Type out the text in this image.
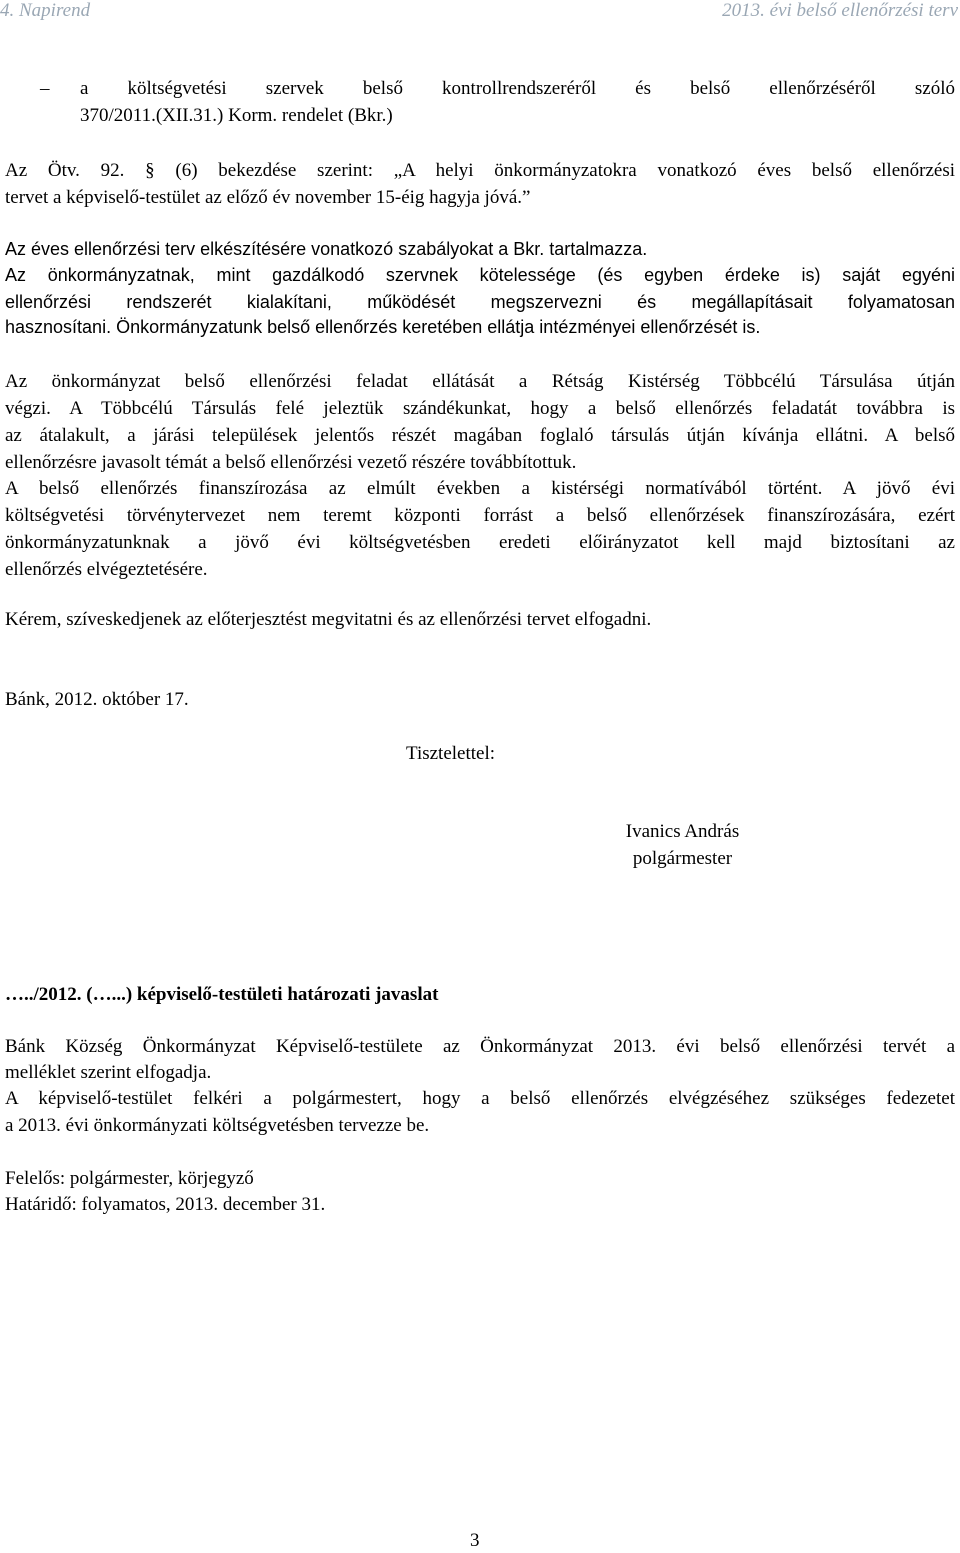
4. Napirend	2013. évi belső ellenőrzési terv
– a költségvetési szervek belső kontrollrendszeréről és belső ellenőrzéséről szóló
370/2011.(XII.31.) Korm. rendelet (Bkr.)
Az Ötv. 92. § (6) bekezdése szerint: „A helyi önkormányzatokra vonatkozó éves belső ellenőrzési
tervet a képviselő-testület az előző év november 15-éig hagyja jóvá.”
Az éves ellenőrzési terv elkészítésére vonatkozó szabályokat a Bkr. tartalmazza.
Az önkormányzatnak, mint gazdálkodó szervnek kötelessége (és egyben érdeke is) saját egyéni
ellenőrzési rendszerét kialakítani, működését megszervezni és megállapításait folyamatosan
hasznosítani. Önkormányzatunk belső ellenőrzés keretében ellátja intézményei ellenőrzését is.
Az önkormányzat belső ellenőrzési feladat ellátását a Rétság Kistérség Többcélú Társulása útján
végzi. A Többcélú Társulás felé jeleztük szándékunkat, hogy a belső ellenőrzés feladatát továbbra is
az átalakult, a járási települések jelentős részét magában foglaló társulás útján kívánja ellátni. A belső
ellenőrzésre javasolt témát a belső ellenőrzési vezető részére továbbítottuk.
A belső ellenőrzés finanszírozása az elmúlt években a kistérségi normatívából történt. A jövő évi
költségvetési törvénytervezet nem teremt központi forrást a belső ellenőrzések finanszírozására, ezért
önkormányzatunknak a jövő évi költségvetésben eredeti előirányzatot kell majd biztosítani az
ellenőrzés elvégeztetésére.
Kérem, szíveskedjenek az előterjesztést megvitatni és az ellenőrzési tervet elfogadni.
Bánk, 2012. október 17.
Tisztelettel:
Ivanics András
polgármester
…../2012. (…...) képviselő-testületi határozati javaslat
Bánk Község Önkormányzat Képviselő-testülete az Önkormányzat 2013. évi belső ellenőrzési tervét a
melléklet szerint elfogadja.
A képviselő-testület felkéri a polgármestert, hogy a belső ellenőrzés elvégzéséhez szükséges fedezetet
a 2013. évi önkormányzati költségvetésben tervezze be.
Felelős: polgármester, körjegyző
Határidő: folyamatos, 2013. december 31.
3
